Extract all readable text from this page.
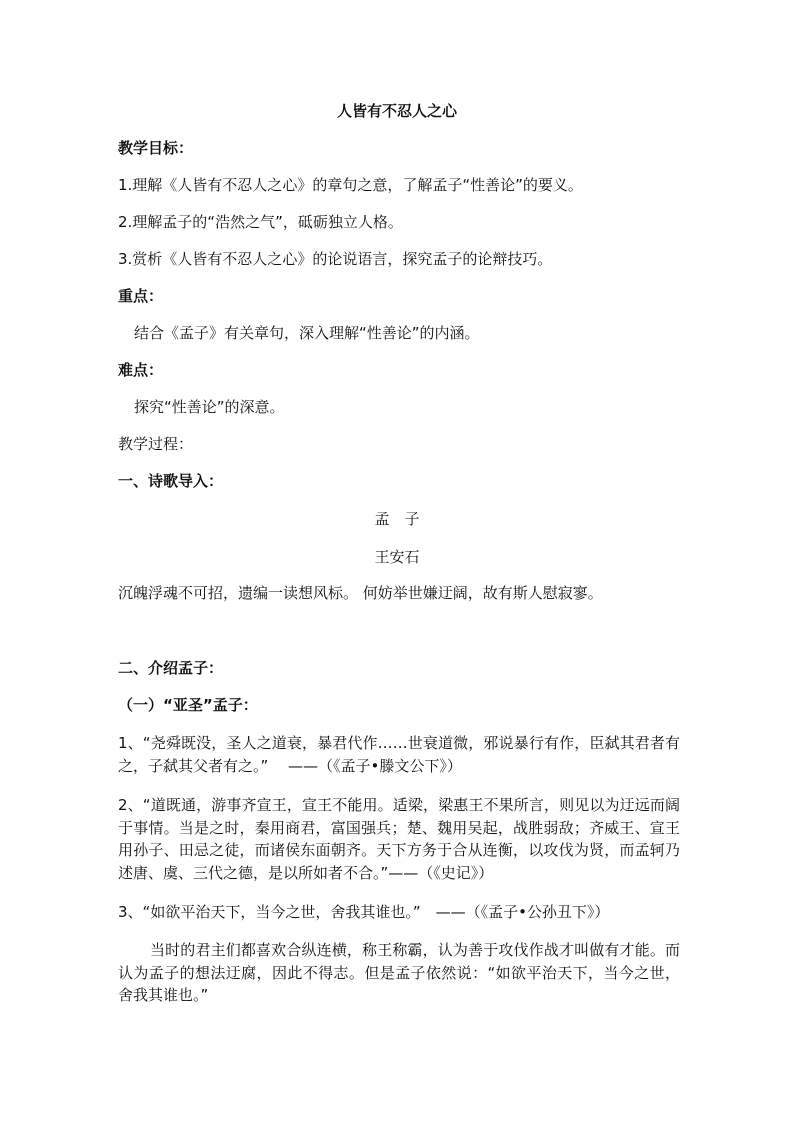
人皆有不忍人之心
教学目标：
1.理解《人皆有不忍人之心》的章句之意，了解孟子“性善论”的要义。
2.理解孟子的“浩然之气”，砥砺独立人格。
3.赏析《人皆有不忍人之心》的论说语言，探究孟子的论辩技巧。
重点：
结合《孟子》有关章句，深入理解“性善论”的内涵。
难点：
探究“性善论”的深意。
教学过程：
一、诗歌导入：
孟　子
王安石
沉魄浮魂不可招，遗编一读想风标。 何妨举世嫌迂阔，故有斯人慰寂寥。
二、介绍孟子：
（一）“亚圣”孟子：
1、“尧舜既没，圣人之道衰，暴君代作……世衰道微，邪说暴行有作，臣弑其君者有之，子弑其父者有之。”　 ——（《孟子•滕文公下》）
2、“道既通，游事齐宣王，宣王不能用。适梁，梁惠王不果所言，则见以为迂远而阔于事情。当是之时，秦用商君，富国强兵；楚、魏用吴起，战胜弱敌；齐威王、宣王用孙子、田忌之徒，而诸侯东面朝齐。天下方务于合从连衡，以攻伐为贤，而孟轲乃述唐、虞、三代之德，是以所如者不合。”——（《史记》）
3、“如欲平治天下，当今之世，舍我其谁也。”　——（《孟子•公孙丑下》）
当时的君主们都喜欢合纵连横，称王称霸，认为善于攻伐作战才叫做有才能。而认为孟子的想法迂腐，因此不得志。但是孟子依然说：“如欲平治天下，当今之世，舍我其谁也。”
